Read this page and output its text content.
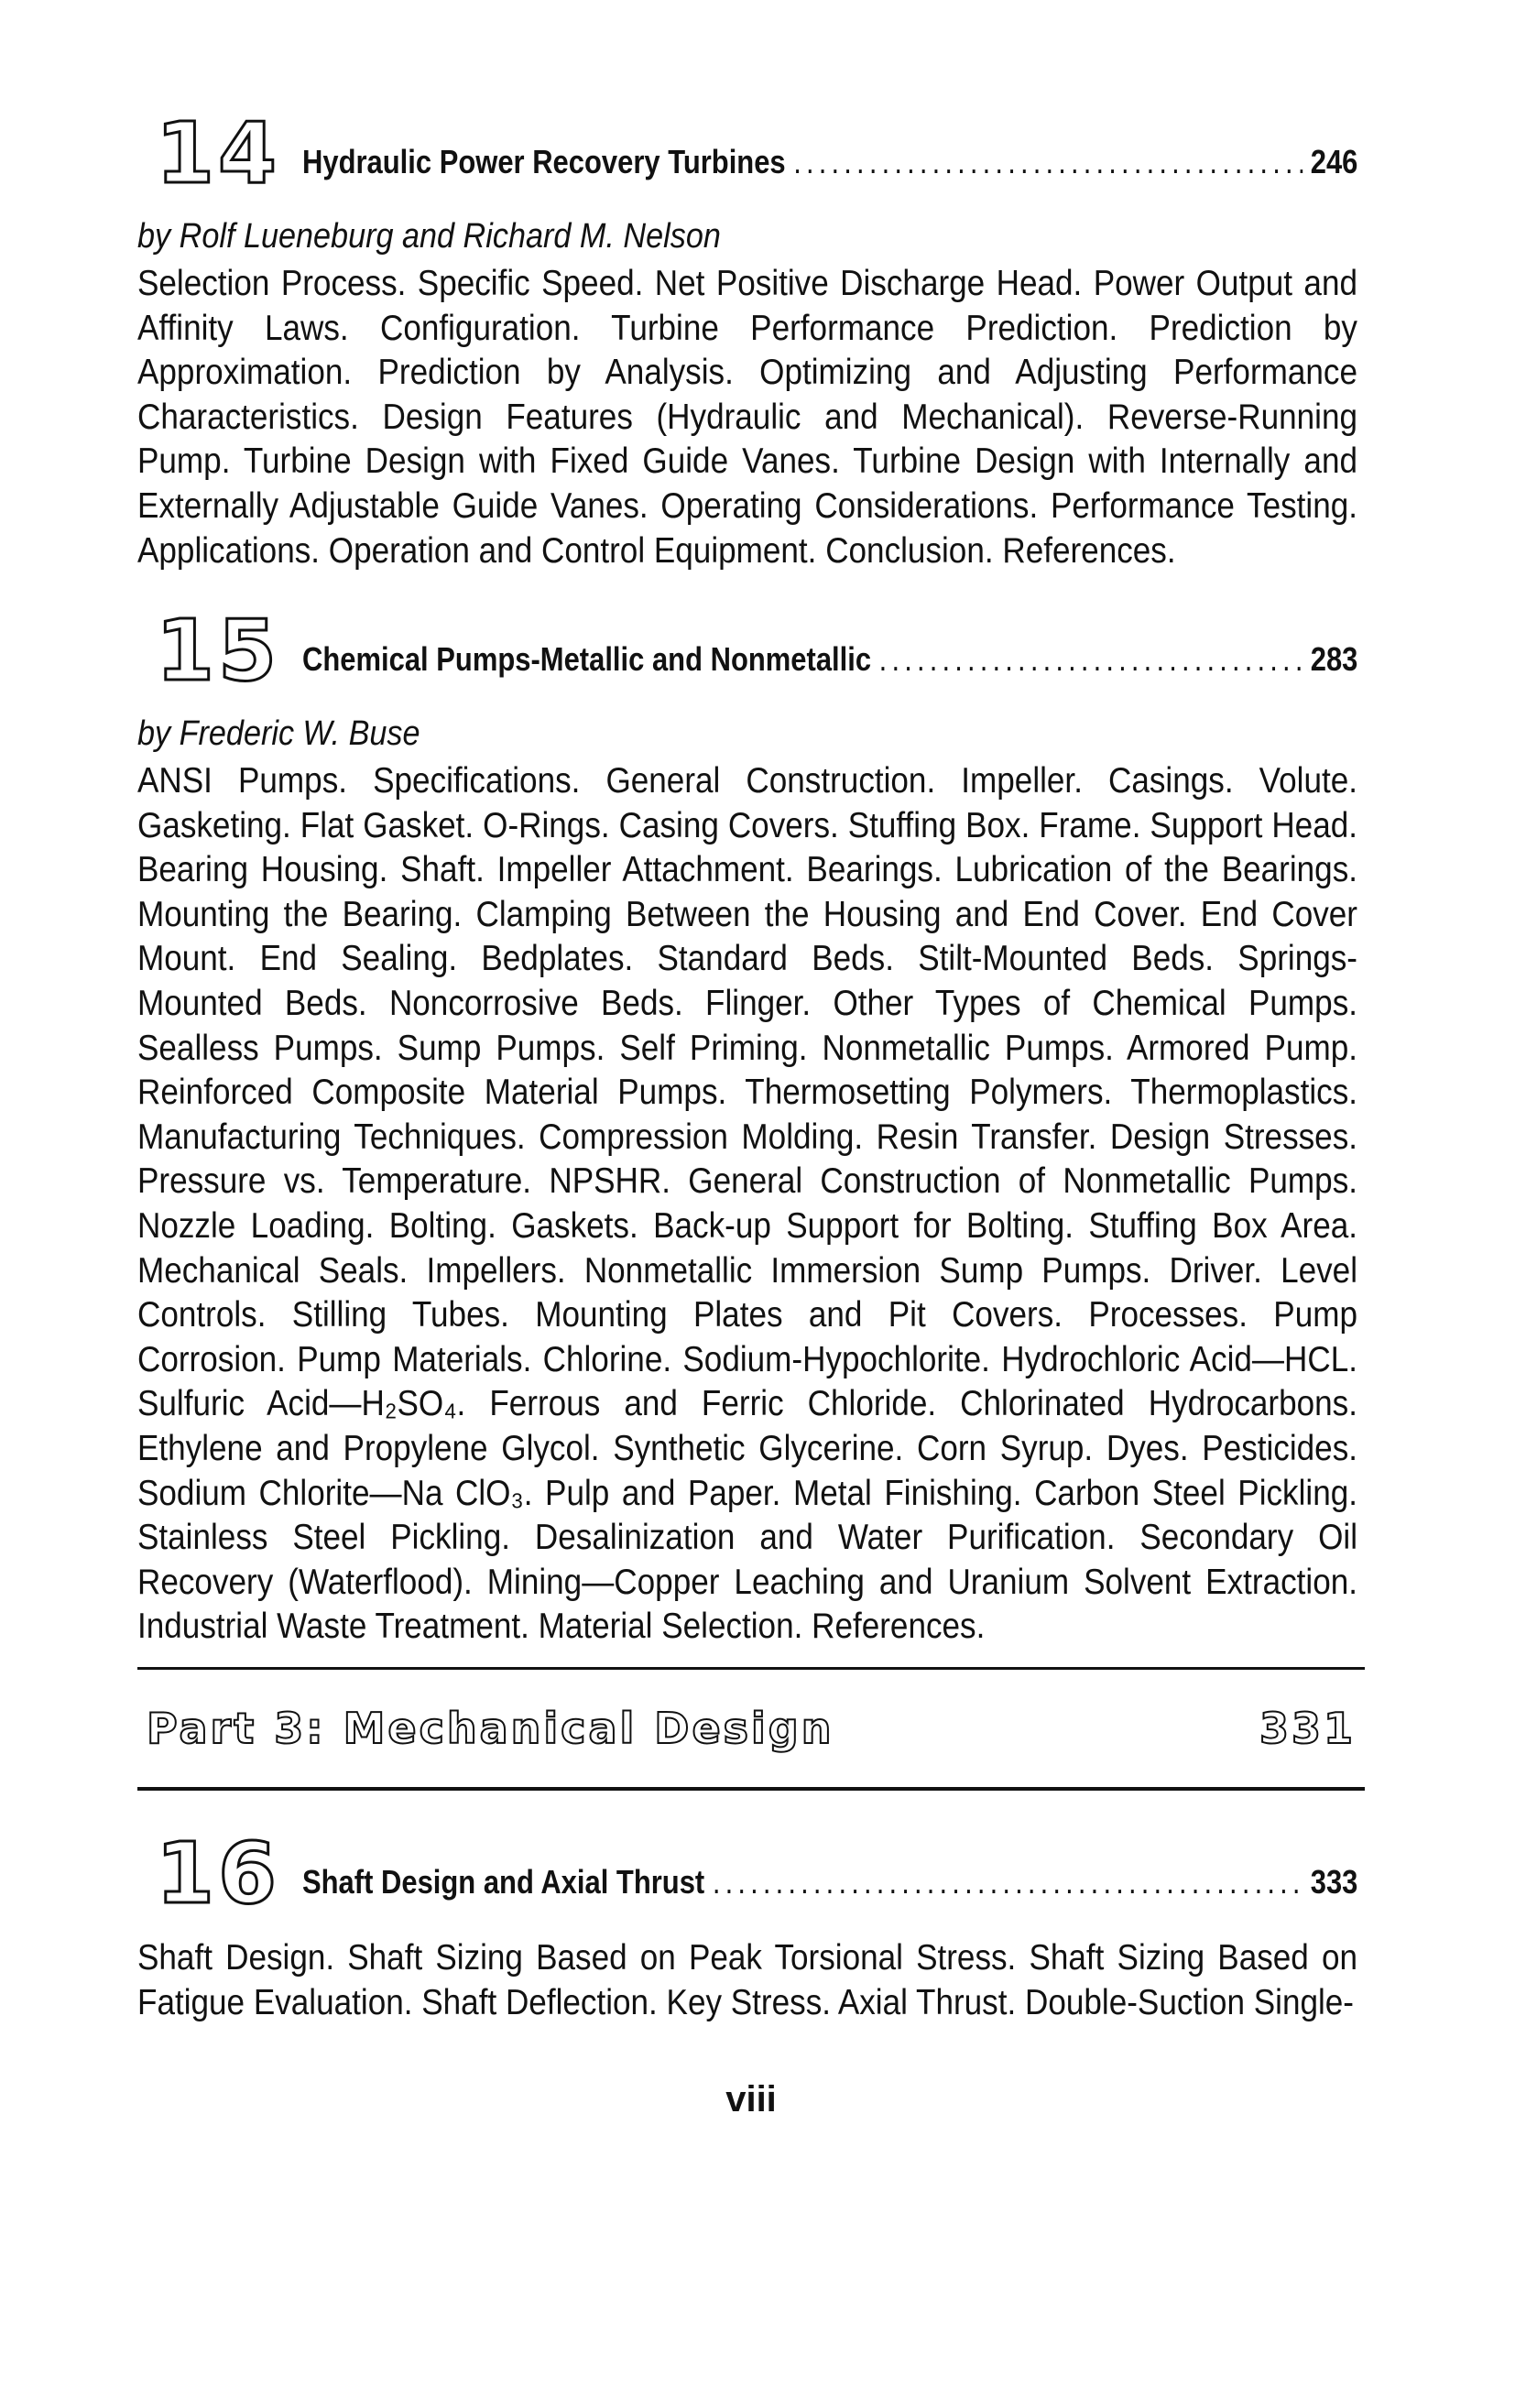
14 Hydraulic Power Recovery Turbines .....	246
by Rolf Lueneburg and Richard M. Nelson

Selection Process. Specific Speed. Net Positive Discharge Head. Power Output and Affinity Laws. Configuration. Turbine Performance Prediction. Prediction by Approximation. Prediction by Analysis. Optimizing and Adjusting Performance Characteristics. Design Features (Hydraulic and Mechanical). Reverse-Running Pump. Turbine Design with Fixed Guide Vanes. Turbine Design with Internally and Externally Adjustable Guide Vanes. Operating Considerations. Performance Testing. Applications. Operation and Control Equipment. Conclusion. References.

15 Chemical Pumps-Metallic and Nonmetallic .....	283
by Frederic W. Buse

ANSI Pumps. Specifications. General Construction. Impeller. Casings. Volute. Gasketing. Flat Gasket. O-Rings. Casing Covers. Stuffing Box. Frame. Support Head. Bearing Housing. Shaft. Impeller Attachment. Bearings. Lubrication of the Bearings. Mounting the Bearing. Clamping Between the Housing and End Cover. End Cover Mount. End Sealing. Bedplates. Standard Beds. Stilt-Mounted Beds. Springs-Mounted Beds. Noncorrosive Beds. Flinger. Other Types of Chemical Pumps. Sealless Pumps. Sump Pumps. Self Priming. Nonmetallic Pumps. Armored Pump. Reinforced Composite Material Pumps. Thermosetting Polymers. Thermoplastics. Manufacturing Techniques. Compression Molding. Resin Transfer. Design Stresses. Pressure vs. Temperature. NPSHR. General Construction of Nonmetallic Pumps. Nozzle Loading. Bolting. Gaskets. Back-up Support for Bolting. Stuffing Box Area. Mechanical Seals. Impellers. Nonmetallic Immersion Sump Pumps. Driver. Level Controls. Stilling Tubes. Mounting Plates and Pit Covers. Processes. Pump Corrosion. Pump Materials. Chlorine. Sodium-Hypochlorite. Hydrochloric Acid—HCL. Sulfuric Acid—H₂SO₄. Ferrous and Ferric Chloride. Chlorinated Hydrocarbons. Ethylene and Propylene Glycol. Synthetic Glycerine. Corn Syrup. Dyes. Pesticides. Sodium Chlorite—Na ClO₃. Pulp and Paper. Metal Finishing. Carbon Steel Pickling. Stainless Steel Pickling. Desalinization and Water Purification. Secondary Oil Recovery (Waterflood). Mining—Copper Leaching and Uranium Solvent Extraction. Industrial Waste Treatment. Material Selection. References.

Part 3: Mechanical Design	331
16 Shaft Design and Axial Thrust .....	333

Shaft Design. Shaft Sizing Based on Peak Torsional Stress. Shaft Sizing Based on Fatigue Evaluation. Shaft Deflection. Key Stress. Axial Thrust. Double-Suction Single-

viii
